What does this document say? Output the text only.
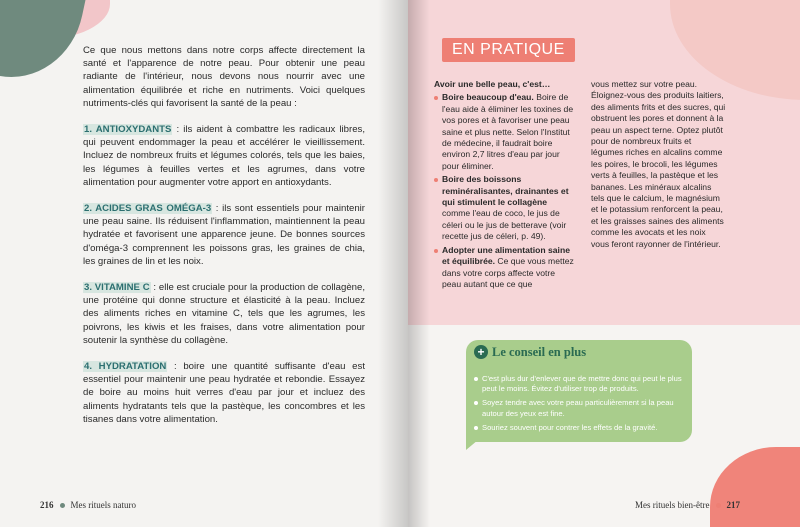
Ce que nous mettons dans notre corps affecte directement la santé et l'apparence de notre peau. Pour obtenir une peau radiante de l'intérieur, nous devons nous nourrir avec une alimentation équilibrée et riche en nutriments. Voici quelques nutriments-clés qui favorisent la santé de la peau :

1. ANTIOXYDANTS : ils aident à combattre les radicaux libres, qui peuvent endommager la peau et accélérer le vieillissement. Incluez de nombreux fruits et légumes colorés, tels que les baies, les légumes à feuilles vertes et les agrumes, dans votre alimentation pour augmenter votre apport en antioxydants.

2. ACIDES GRAS OMÉGA-3 : ils sont essentiels pour maintenir une peau saine. Ils réduisent l'inflammation, maintiennent la peau hydratée et favorisent une apparence jeune. De bonnes sources d'oméga-3 comprennent les poissons gras, les graines de chia, les graines de lin et les noix.

3. VITAMINE C : elle est cruciale pour la production de collagène, une protéine qui donne structure et élasticité à la peau. Incluez des aliments riches en vitamine C, tels que les agrumes, les poivrons, les kiwis et les fraises, dans votre alimentation pour soutenir la synthèse du collagène.

4. HYDRATATION : boire une quantité suffisante d'eau est essentiel pour maintenir une peau hydratée et rebondie. Essayez de boire au moins huit verres d'eau par jour et incluez des aliments hydratants tels que la pastèque, les concombres et les tisanes dans votre alimentation.

216 Mes rituels naturo
EN PRATIQUE
Avoir une belle peau, c'est…
Boire beaucoup d'eau. Boire de l'eau aide à éliminer les toxines de vos pores et à favoriser une peau saine et plus nette. Selon l'Institut de médecine, il faudrait boire environ 2,7 litres d'eau par jour pour éliminer.
Boire des boissons reminéralisantes, drainantes et qui stimulent le collagène comme l'eau de coco, le jus de céleri ou le jus de betterave (voir recette jus de céleri, p. 49).
Adopter une alimentation saine et équilibrée. Ce que vous mettez dans votre corps affecte votre peau autant que ce que
vous mettez sur votre peau. Éloignez-vous des produits laitiers, des aliments frits et des sucres, qui obstruent les pores et donnent à la peau un aspect terne. Optez plutôt pour de nombreux fruits et légumes riches en alcalins comme les poires, le brocoli, les légumes verts à feuilles, la pastèque et les bananes. Les minéraux alcalins tels que le calcium, le magnésium et le potassium renforcent la peau, et les graisses saines des aliments comme les avocats et les noix vous feront rayonner de l'intérieur.
+ Le conseil en plus
C'est plus dur d'enlever que de mettre donc qui peut le plus peut le moins. Évitez d'utiliser trop de produits.
Soyez tendre avec votre peau particulièrement si la peau autour des yeux est fine.
Souriez souvent pour contrer les effets de la gravité.
Mes rituels bien-être 217
